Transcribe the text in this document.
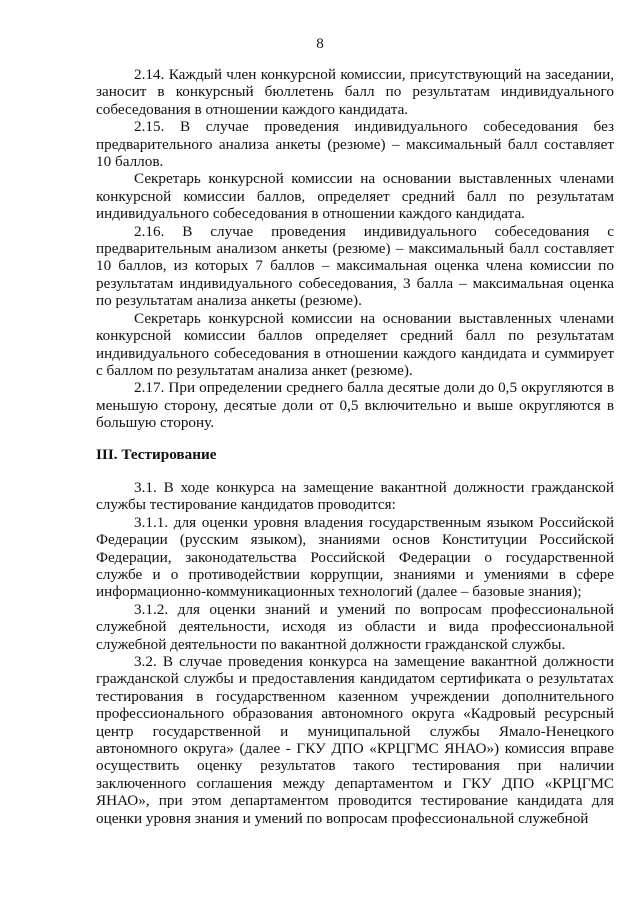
8

2.14. Каждый член конкурсной комиссии, присутствующий на заседании, заносит в конкурсный бюллетень балл по результатам индивидуального собеседования в отношении каждого кандидата.

2.15. В случае проведения индивидуального собеседования без предварительного анализа анкеты (резюме) – максимальный балл составляет 10 баллов.

Секретарь конкурсной комиссии на основании выставленных членами конкурсной комиссии баллов, определяет средний балл по результатам индивидуального собеседования в отношении каждого кандидата.

2.16. В случае проведения индивидуального собеседования с предварительным анализом анкеты (резюме) – максимальный балл составляет 10 баллов, из которых 7 баллов – максимальная оценка члена комиссии по результатам индивидуального собеседования, 3 балла – максимальная оценка по результатам анализа анкеты (резюме).

Секретарь конкурсной комиссии на основании выставленных членами конкурсной комиссии баллов определяет средний балл по результатам индивидуального собеседования в отношении каждого кандидата и суммирует с баллом по результатам анализа анкет (резюме).

2.17. При определении среднего балла десятые доли до 0,5 округляются в меньшую сторону, десятые доли от 0,5 включительно и выше округляются в большую сторону.

III. Тестирование

3.1. В ходе конкурса на замещение вакантной должности гражданской службы тестирование кандидатов проводится:

3.1.1. для оценки уровня владения государственным языком Российской Федерации (русским языком), знаниями основ Конституции Российской Федерации, законодательства Российской Федерации о государственной службе и о противодействии коррупции, знаниями и умениями в сфере информационно-коммуникационных технологий (далее – базовые знания);

3.1.2. для оценки знаний и умений по вопросам профессиональной служебной деятельности, исходя из области и вида профессиональной служебной деятельности по вакантной должности гражданской службы.

3.2. В случае проведения конкурса на замещение вакантной должности гражданской службы и предоставления кандидатом сертификата о результатах тестирования в государственном казенном учреждении дополнительного профессионального образования автономного округа «Кадровый ресурсный центр государственной и муниципальной службы Ямало-Ненецкого автономного округа» (далее - ГКУ ДПО «КРЦГМС ЯНАО») комиссия вправе осуществить оценку результатов такого тестирования при наличии заключенного соглашения между департаментом и ГКУ ДПО «КРЦГМС ЯНАО», при этом департаментом проводится тестирование кандидата для оценки уровня знания и умений по вопросам профессиональной служебной
